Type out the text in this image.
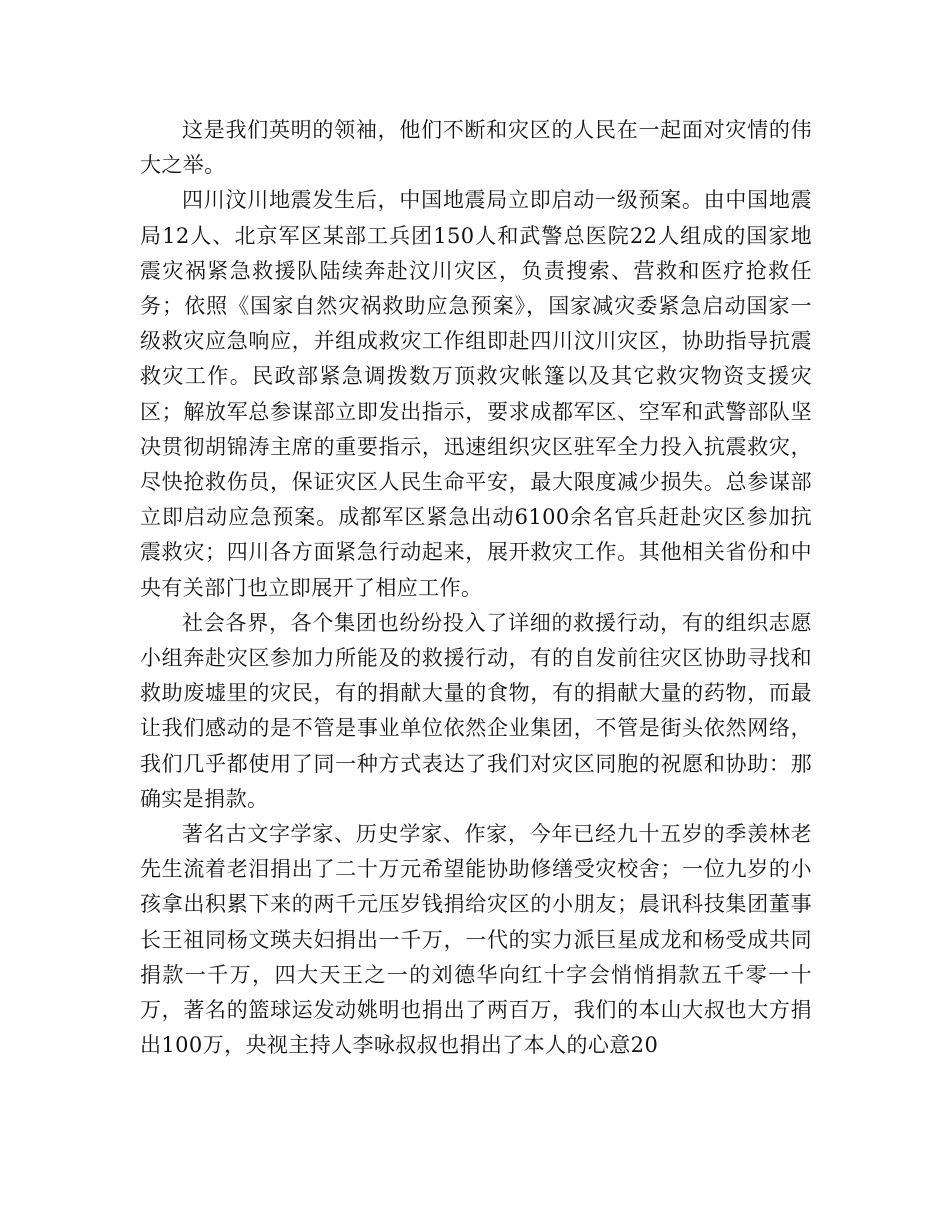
这是我们英明的领袖，他们不断和灾区的人民在一起面对灾情的伟大之举。

四川汶川地震发生后，中国地震局立即启动一级预案。由中国地震局12人、北京军区某部工兵团150人和武警总医院22人组成的国家地震灾祸紧急救援队陆续奔赴汶川灾区，负责搜索、营救和医疗抢救任务；依照《国家自然灾祸救助应急预案》，国家减灾委紧急启动国家一级救灾应急响应，并组成救灾工作组即赴四川汶川灾区，协助指导抗震救灾工作。民政部紧急调拨数万顶救灾帐篷以及其它救灾物资支援灾区；解放军总参谋部立即发出指示，要求成都军区、空军和武警部队坚决贯彻胡锦涛主席的重要指示，迅速组织灾区驻军全力投入抗震救灾，尽快抢救伤员，保证灾区人民生命平安，最大限度减少损失。总参谋部立即启动应急预案。成都军区紧急出动6100余名官兵赶赴灾区参加抗震救灾；四川各方面紧急行动起来，展开救灾工作。其他相关省份和中央有关部门也立即展开了相应工作。

社会各界，各个集团也纷纷投入了详细的救援行动，有的组织志愿小组奔赴灾区参加力所能及的救援行动，有的自发前往灾区协助寻找和救助废墟里的灾民，有的捐献大量的食物，有的捐献大量的药物，而最让我们感动的是不管是事业单位依然企业集团，不管是街头依然网络，我们几乎都使用了同一种方式表达了我们对灾区同胞的祝愿和协助：那确实是捐款。

著名古文字学家、历史学家、作家，今年已经九十五岁的季羡林老先生流着老泪捐出了二十万元希望能协助修缮受灾校舍；一位九岁的小孩拿出积累下来的两千元压岁钱捐给灾区的小朋友；晨讯科技集团董事长王祖同杨文瑛夫妇捐出一千万，一代的实力派巨星成龙和杨受成共同捐款一千万，四大天王之一的刘德华向红十字会悄悄捐款五千零一十万，著名的篮球运发动姚明也捐出了两百万，我们的本山大叔也大方捐出100万，央视主持人李咏叔叔也捐出了本人的心意20
